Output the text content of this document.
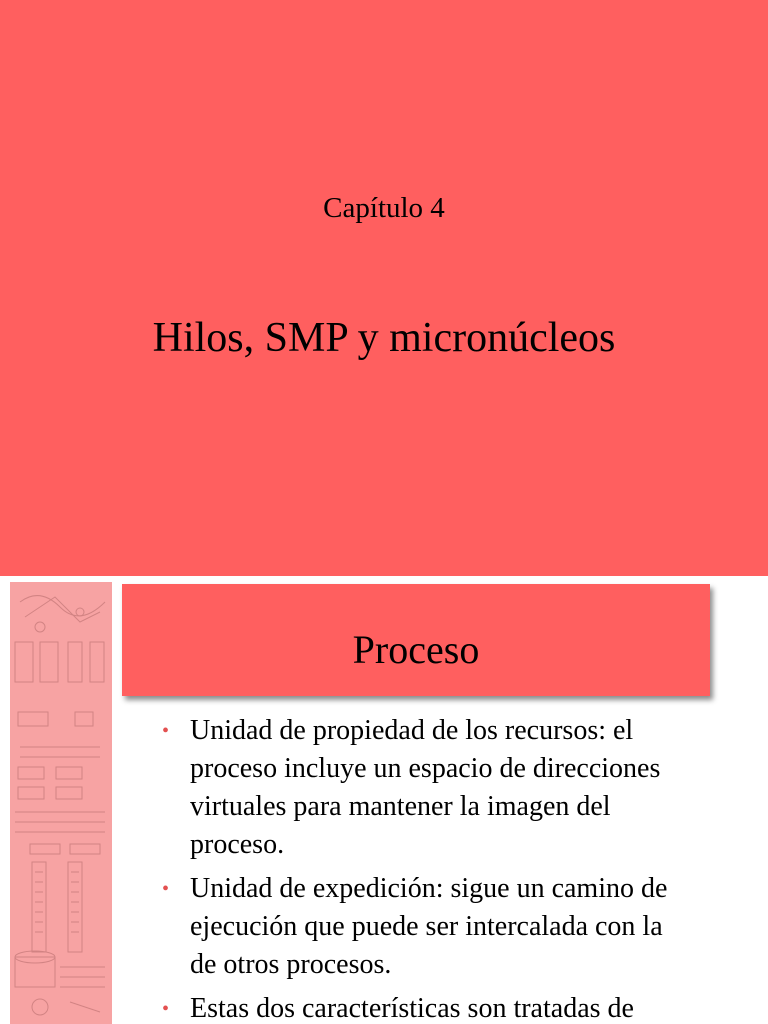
Capítulo 4
Hilos, SMP y micronúcleos
Proceso
• Unidad de propiedad de los recursos: el
proceso incluye un espacio de direcciones
virtuales para mantener la imagen del
proceso.
• Unidad de expedición: sigue un camino de
ejecución que puede ser intercalada con la
de otros procesos.
• Estas dos características son tratadas de
